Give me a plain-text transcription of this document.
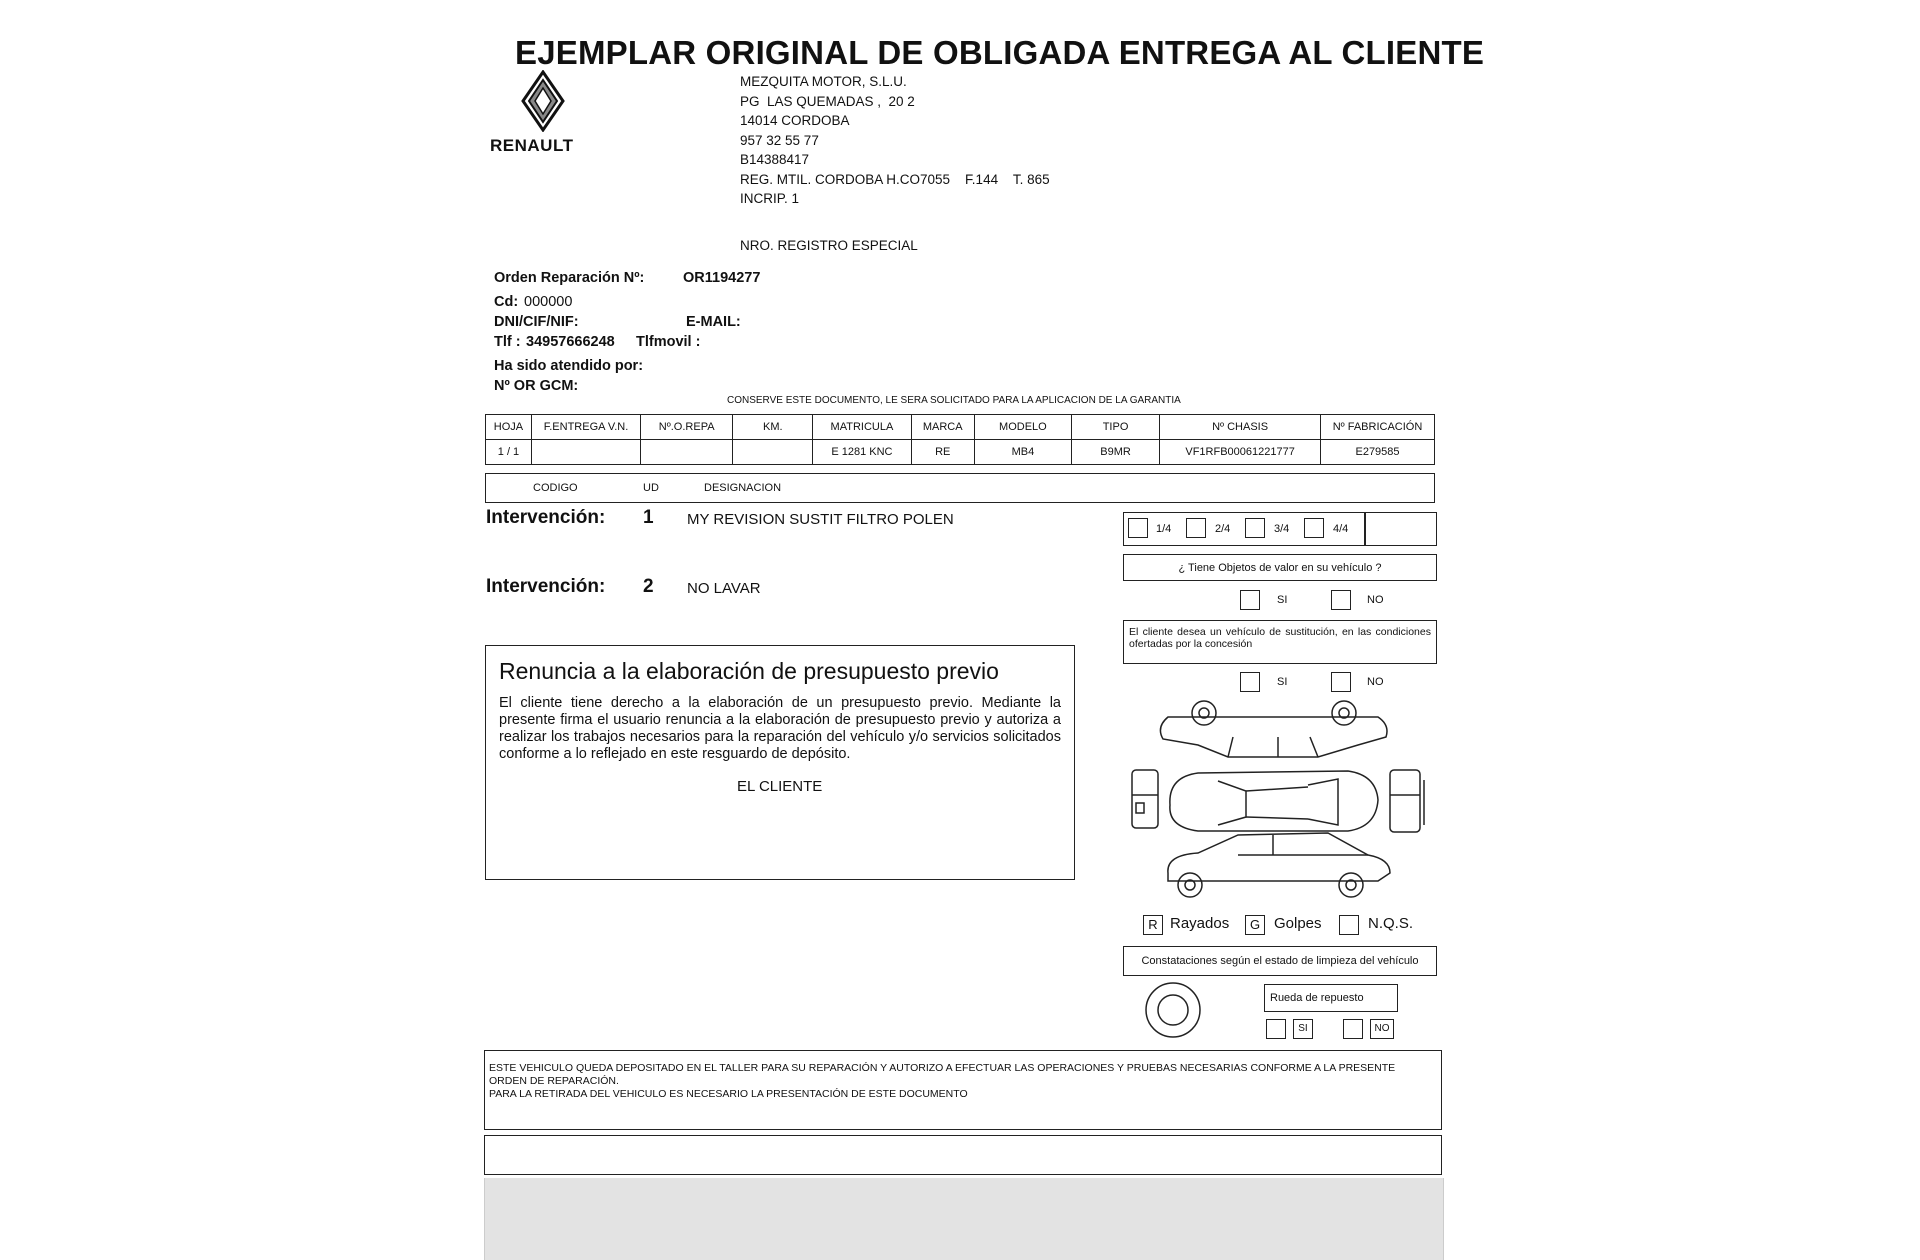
EJEMPLAR ORIGINAL DE OBLIGADA ENTREGA AL CLIENTE
RENAULT
MEZQUITA MOTOR, S.L.U.
PG  LAS QUEMADAS ,  20 2
14014 CORDOBA
957 32 55 77
B14388417
REG. MTIL. CORDOBA H.CO7055    F.144    T. 865
INCRIP. 1
NRO. REGISTRO ESPECIAL
Orden Reparación Nº:	OR1194277
Cd: 000000
DNI/CIF/NIF:	E-MAIL:
Tlf : 34957666248 Tlfmovil :
Ha sido atendido por:
Nº OR GCM:
CONSERVE ESTE DOCUMENTO, LE SERA SOLICITADO PARA LA APLICACION DE LA GARANTIA
HOJA	F.ENTREGA V.N.	Nº.O.REPA	KM.	MATRICULA	MARCA	MODELO	TIPO	Nº CHASIS	Nº FABRICACIÓN
1 / 1				E 1281 KNC	RE	MB4	B9MR	VF1RFB00061221777	E279585
CODIGO	UD	DESIGNACION
Intervención: 1 MY REVISION SUSTIT FILTRO POLEN
Intervención: 2 NO LAVAR
Renuncia a la elaboración de presupuesto previo
El cliente tiene derecho a la elaboración de un presupuesto previo. Mediante la presente firma el usuario renuncia a la elaboración de presupuesto previo y autoriza a realizar los trabajos necesarios para la reparación del vehículo y/o servicios solicitados conforme a lo reflejado en este resguardo de depósito.
EL CLIENTE
1/4	2/4	3/4	4/4
¿ Tiene Objetos de valor en su vehículo ?
SI	NO
El cliente desea un vehículo de sustitución, en las condiciones ofertadas por la concesión
SI	NO
R Rayados	G Golpes	N.Q.S.
Constataciones según el estado de limpieza del vehículo
Rueda de repuesto
SI	NO
ESTE VEHICULO QUEDA DEPOSITADO EN EL TALLER PARA SU REPARACIÓN Y AUTORIZO A EFECTUAR LAS OPERACIONES Y PRUEBAS NECESARIAS CONFORME A LA PRESENTE ORDEN DE REPARACIÓN.
PARA LA RETIRADA DEL VEHICULO ES NECESARIO LA PRESENTACIÓN DE ESTE DOCUMENTO
